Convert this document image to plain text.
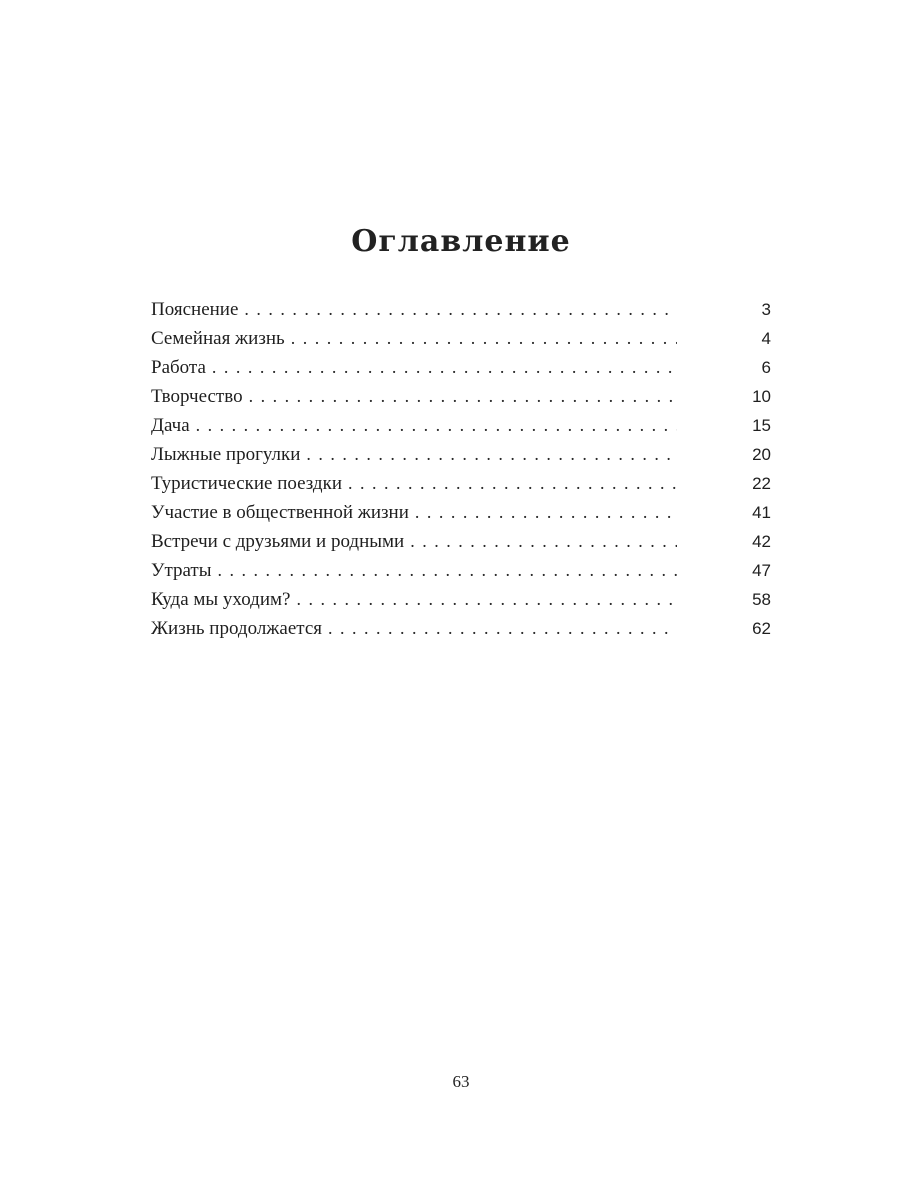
Оглавление
Пояснение . . .	3
Семейная жизнь . . .	4
Работа . . .	6
Творчество . . .	10
Дача . . .	15
Лыжные прогулки . . .	20
Туристические поездки . . .	22
Участие в общественной жизни . . .	41
Встречи с друзьями и родными . . .	42
Утраты . . .	47
Куда мы уходим? . . .	58
Жизнь продолжается . . .	62
63
